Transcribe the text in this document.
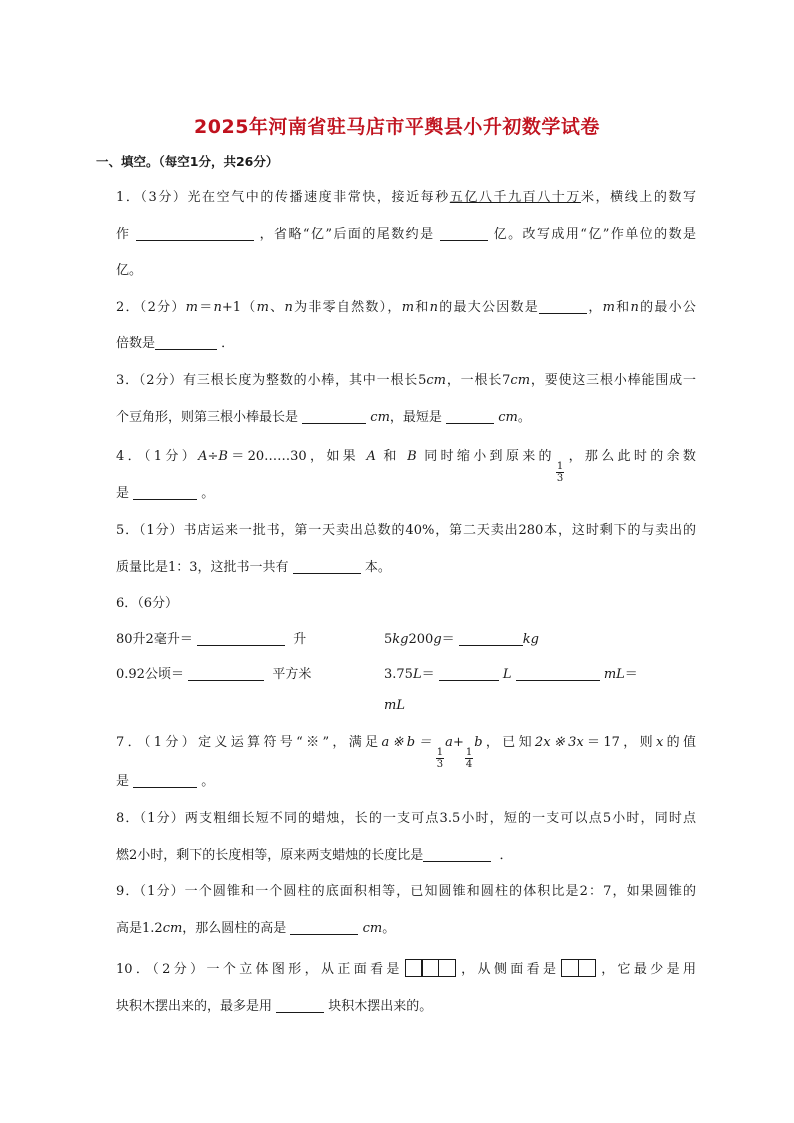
2025年河南省驻马店市平舆县小升初数学试卷
一、填空。（每空1分，共26分）
1．（3分）光在空气中的传播速度非常快，接近每秒五亿八千九百八十万米，横线上的数写
作	，省略“亿”后面的尾数约是	亿。改写成用“亿”作单位的数是
亿。
2．（2分）m＝n+1（m、n为非零自然数），m和n的最大公因数是	，m和n的最小公
倍数是	．
3．（2分）有三根长度为整数的小棒，其中一根长5cm，一根长7cm，要使这三根小棒能围成一
个豆角形，则第三根小棒最长是	cm，最短是	cm。
4．（1分）A÷B＝20……30，如果 A 和 B 同时缩小到原来的
$\frac{1}{3}$
，那么此时的余数
是	。
5．（1分）书店运来一批书，第一天卖出总数的40%，第二天卖出280本，这时剩下的与卖出的
质量比是1：3，这批书一共有	本。
6．（6分）
80升2毫升＝	升	5kg200g＝	kg
0.92公顷＝	平方米	3.75L＝	L	mL＝
mL
7．（1分）定义运算符号“※”，满足a※b＝
$\frac{1}{3}$
a+
$\frac{1}{4}$
b，已知2x※3x＝17，则x的值
是	。
8．（1分）两支粗细长短不同的蜡烛，长的一支可点3.5小时，短的一支可以点5小时，同时点
燃2小时，剩下的长度相等，原来两支蜡烛的长度比是	．
9．（1分）一个圆锥和一个圆柱的底面积相等，已知圆锥和圆柱的体积比是2：7，如果圆锥的
高是1.2cm，那么圆柱的高是	cm。
10．（2分）一个立体图形，从正面看是	，从侧面看是	，它最少是用
块积木摆出来的，最多是用	块积木摆出来的。
